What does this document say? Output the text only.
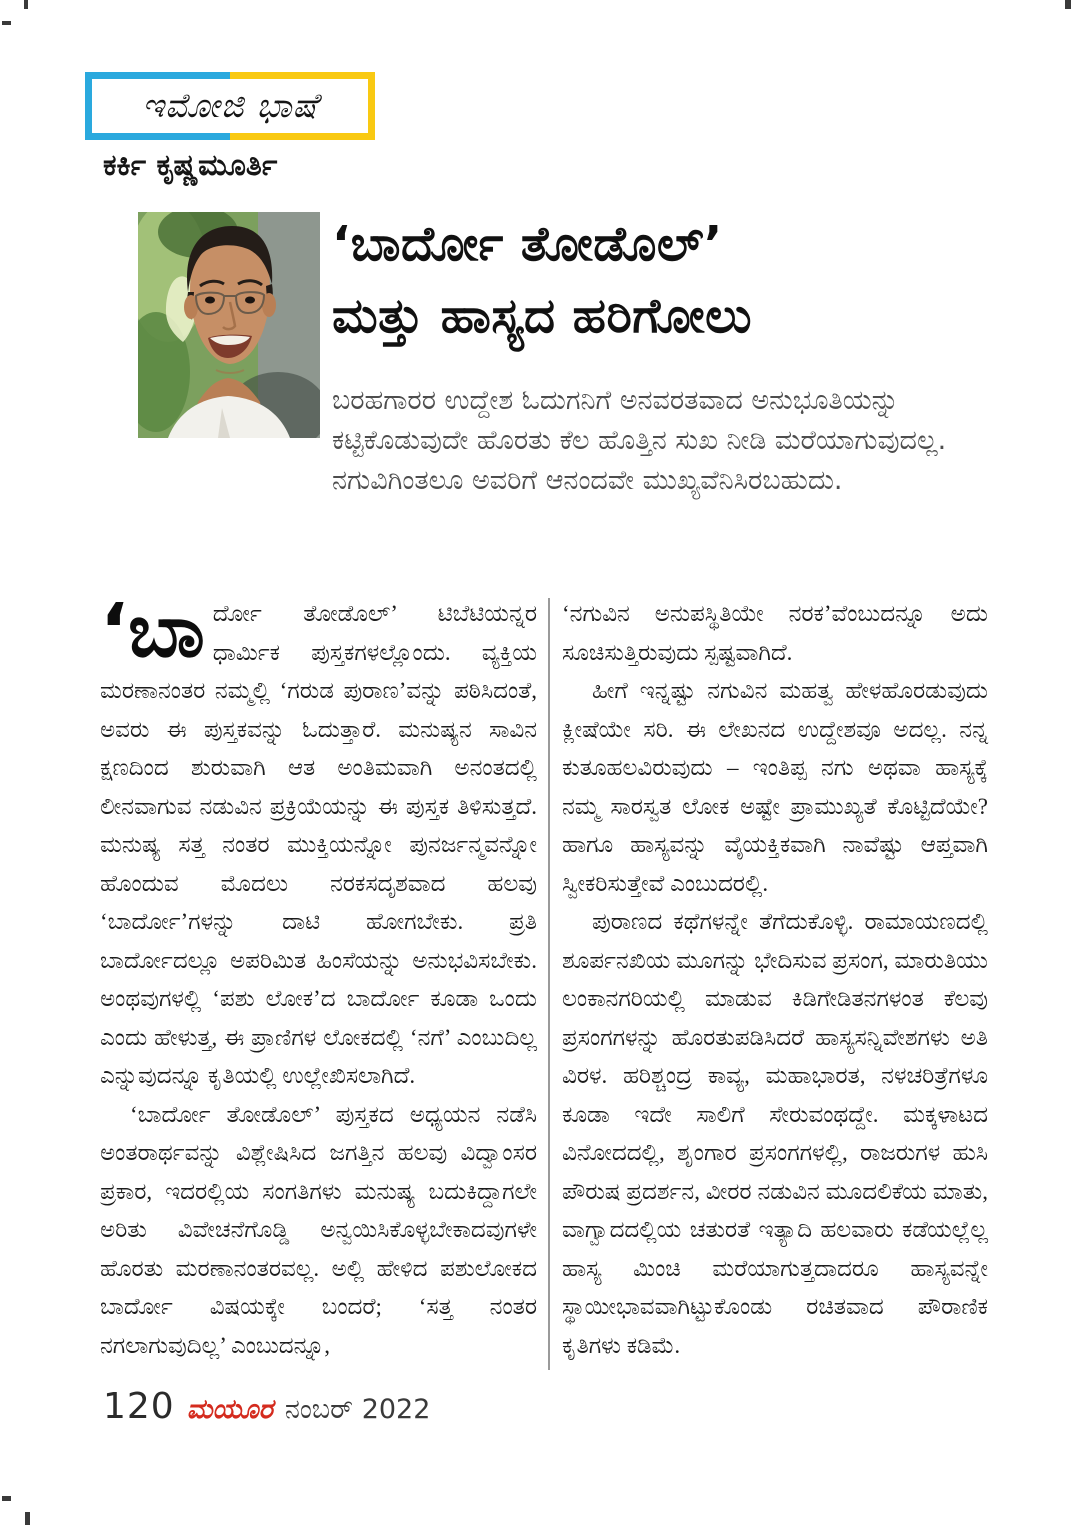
ಇಮೋಜಿ ಭಾಷೆ
ಕರ್ಕಿ ಕೃಷ್ಣಮೂರ್ತಿ
‘ಬಾರ್ದೋ ತೋಡೊಲ್’
ಮತ್ತು ಹಾಸ್ಯದ ಹರಿಗೋಲು
ಬರಹಗಾರರ ಉದ್ದೇಶ ಓದುಗನಿಗೆ ಅನವರತವಾದ ಅನುಭೂತಿಯನ್ನು ಕಟ್ಟಿಕೊಡುವುದೇ ಹೊರತು ಕೆಲ ಹೊತ್ತಿನ ಸುಖ ನೀಡಿ ಮರೆಯಾಗುವುದಲ್ಲ. ನಗುವಿಗಿಂತಲೂ ಅವರಿಗೆ ಆನಂದವೇ ಮುಖ್ಯವೆನಿಸಿರಬಹುದು.

‘ಬಾರ್ದೋ ತೋಡೊಲ್’ ಟಿಬೆಟಿಯನ್ನರ ಧಾರ್ಮಿಕ ಪುಸ್ತಕಗಳಲ್ಲೊಂದು. ವ್ಯಕ್ತಿಯ ಮರಣಾನಂತರ ನಮ್ಮಲ್ಲಿ ‘ಗರುಡ ಪುರಾಣ’ವನ್ನು ಪಠಿಸಿದಂತೆ, ಅವರು ಈ ಪುಸ್ತಕವನ್ನು ಓದುತ್ತಾರೆ. ಮನುಷ್ಯನ ಸಾವಿನ ಕ್ಷಣದಿಂದ ಶುರುವಾಗಿ ಆತ ಅಂತಿಮವಾಗಿ ಅನಂತದಲ್ಲಿ ಲೀನವಾಗುವ ನಡುವಿನ ಪ್ರಕ್ರಿಯೆಯನ್ನು ಈ ಪುಸ್ತಕ ತಿಳಿಸುತ್ತದೆ. ಮನುಷ್ಯ ಸತ್ತ ನಂತರ ಮುಕ್ತಿಯನ್ನೋ ಪುನರ್ಜನ್ಮವನ್ನೋ ಹೊಂದುವ ಮೊದಲು ನರಕಸದೃಶವಾದ ಹಲವು ‘ಬಾರ್ದೋ’ಗಳನ್ನು ದಾಟಿ ಹೋಗಬೇಕು. ಪ್ರತಿ ಬಾರ್ದೋದಲ್ಲೂ ಅಪರಿಮಿತ ಹಿಂಸೆಯನ್ನು ಅನುಭವಿಸಬೇಕು. ಅಂಥವುಗಳಲ್ಲಿ ‘ಪಶು ಲೋಕ’ದ ಬಾರ್ದೋ ಕೂಡಾ ಒಂದು ಎಂದು ಹೇಳುತ್ತ, ಈ ಪ್ರಾಣಿಗಳ ಲೋಕದಲ್ಲಿ ‘ನಗೆ’ ಎಂಬುದಿಲ್ಲ ಎನ್ನುವುದನ್ನೂ ಕೃತಿಯಲ್ಲಿ ಉಲ್ಲೇಖಿಸಲಾಗಿದೆ.

‘ಬಾರ್ದೋ ತೋಡೊಲ್’ ಪುಸ್ತಕದ ಅಧ್ಯಯನ ನಡೆಸಿ ಅಂತರಾರ್ಥವನ್ನು ವಿಶ್ಲೇಷಿಸಿದ ಜಗತ್ತಿನ ಹಲವು ವಿದ್ವಾಂಸರ ಪ್ರಕಾರ, ಇದರಲ್ಲಿಯ ಸಂಗತಿಗಳು ಮನುಷ್ಯ ಬದುಕಿದ್ದಾಗಲೇ ಅರಿತು ವಿವೇಚನೆಗೊಡ್ಡಿ ಅನ್ವಯಿಸಿಕೊಳ್ಳಬೇಕಾದವುಗಳೇ ಹೊರತು ಮರಣಾನಂತರವಲ್ಲ. ಅಲ್ಲಿ ಹೇಳಿದ ಪಶುಲೋಕದ ಬಾರ್ದೋ ವಿಷಯಕ್ಕೇ ಬಂದರೆ; ‘ಸತ್ತ ನಂತರ ನಗಲಾಗುವುದಿಲ್ಲ’ ಎಂಬುದನ್ನೂ,

‘ನಗುವಿನ ಅನುಪಸ್ಥಿತಿಯೇ ನರಕ’ವೆಂಬುದನ್ನೂ ಅದು ಸೂಚಿಸುತ್ತಿರುವುದು ಸ್ಪಷ್ಟವಾಗಿದೆ.

ಹೀಗೆ ಇನ್ನಷ್ಟು ನಗುವಿನ ಮಹತ್ವ ಹೇಳಹೊರಡುವುದು ಕ್ಲೀಷೆಯೇ ಸರಿ. ಈ ಲೇಖನದ ಉದ್ದೇಶವೂ ಅದಲ್ಲ. ನನ್ನ ಕುತೂಹಲವಿರುವುದು – ಇಂತಿಪ್ಪ ನಗು ಅಥವಾ ಹಾಸ್ಯಕ್ಕೆ ನಮ್ಮ ಸಾರಸ್ವತ ಲೋಕ ಅಷ್ಟೇ ಪ್ರಾಮುಖ್ಯತೆ ಕೊಟ್ಟಿದೆಯೇ? ಹಾಗೂ ಹಾಸ್ಯವನ್ನು ವೈಯಕ್ತಿಕವಾಗಿ ನಾವೆಷ್ಟು ಆಪ್ತವಾಗಿ ಸ್ವೀಕರಿಸುತ್ತೇವೆ ಎಂಬುದರಲ್ಲಿ.

ಪುರಾಣದ ಕಥೆಗಳನ್ನೇ ತೆಗೆದುಕೊಳ್ಳಿ. ರಾಮಾಯಣದಲ್ಲಿ ಶೂರ್ಪನಖಿಯ ಮೂಗನ್ನು ಭೇದಿಸುವ ಪ್ರಸಂಗ, ಮಾರುತಿಯು ಲಂಕಾನಗರಿಯಲ್ಲಿ ಮಾಡುವ ಕಿಡಿಗೇಡಿತನಗಳಂತ ಕೆಲವು ಪ್ರಸಂಗಗಳನ್ನು ಹೊರತುಪಡಿಸಿದರೆ ಹಾಸ್ಯಸನ್ನಿವೇಶಗಳು ಅತಿ ವಿರಳ. ಹರಿಶ್ಚಂದ್ರ ಕಾವ್ಯ, ಮಹಾಭಾರತ, ನಳಚರಿತ್ರೆಗಳೂ ಕೂಡಾ ಇದೇ ಸಾಲಿಗೆ ಸೇರುವಂಥದ್ದೇ. ಮಕ್ಕಳಾಟದ ವಿನೋದದಲ್ಲಿ, ಶೃಂಗಾರ ಪ್ರಸಂಗಗಳಲ್ಲಿ, ರಾಜರುಗಳ ಹುಸಿ ಪೌರುಷ ಪ್ರದರ್ಶನ, ವೀರರ ನಡುವಿನ ಮೂದಲಿಕೆಯ ಮಾತು, ವಾಗ್ವಾದದಲ್ಲಿಯ ಚತುರತೆ ಇತ್ಯಾದಿ ಹಲವಾರು ಕಡೆಯಲ್ಲೆಲ್ಲ ಹಾಸ್ಯ ಮಿಂಚಿ ಮರೆಯಾಗುತ್ತದಾದರೂ ಹಾಸ್ಯವನ್ನೇ ಸ್ಥಾಯೀಭಾವವಾಗಿಟ್ಟುಕೊಂಡು ರಚಿತವಾದ ಪೌರಾಣಿಕ ಕೃತಿಗಳು ಕಡಿಮೆ.

120 ಮಯೂರ ನಂಬರ್ 2022
